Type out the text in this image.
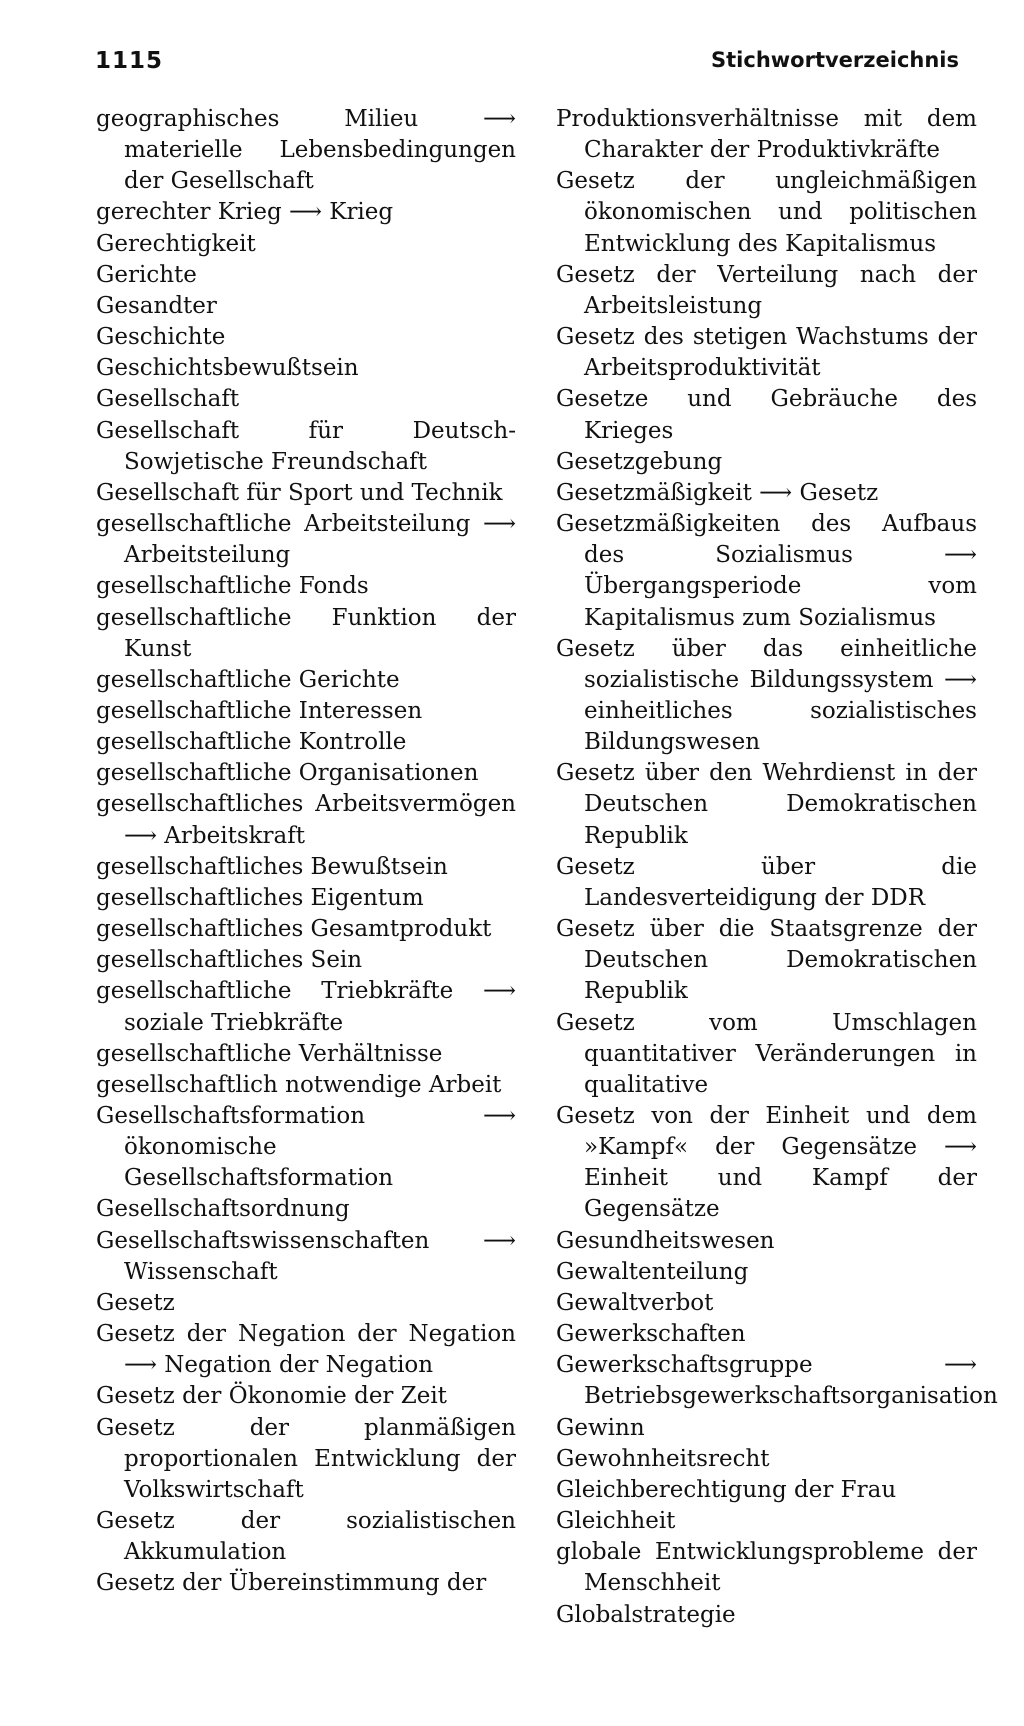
1115	Stichwortverzeichnis

geographisches Milieu ⟶ materielle Lebensbedingungen der Gesellschaft

gerechter Krieg ⟶ Krieg

Gerechtigkeit

Gerichte

Gesandter

Geschichte

Geschichtsbewußtsein

Gesellschaft

Gesellschaft für Deutsch-Sowjetische Freundschaft

Gesellschaft für Sport und Technik

gesellschaftliche Arbeitsteilung ⟶ Arbeitsteilung

gesellschaftliche Fonds

gesellschaftliche Funktion der Kunst

gesellschaftliche Gerichte

gesellschaftliche Interessen

gesellschaftliche Kontrolle

gesellschaftliche Organisationen

gesellschaftliches Arbeitsvermögen ⟶ Arbeitskraft

gesellschaftliches Bewußtsein

gesellschaftliches Eigentum

gesellschaftliches Gesamtprodukt

gesellschaftliches Sein

gesellschaftliche Triebkräfte ⟶ soziale Triebkräfte

gesellschaftliche Verhältnisse

gesellschaftlich notwendige Arbeit

Gesellschaftsformation ⟶ ökonomische Gesellschaftsformation

Gesellschaftsordnung

Gesellschaftswissenschaften ⟶ Wissenschaft

Gesetz

Gesetz der Negation der Negation ⟶ Negation der Negation

Gesetz der Ökonomie der Zeit

Gesetz der planmäßigen proportionalen Entwicklung der Volkswirtschaft

Gesetz der sozialistischen Akkumulation

Gesetz der Übereinstimmung der

Produktionsverhältnisse mit dem Charakter der Produktivkräfte

Gesetz der ungleichmäßigen ökonomischen und politischen Entwicklung des Kapitalismus

Gesetz der Verteilung nach der Arbeitsleistung

Gesetz des stetigen Wachstums der Arbeitsproduktivität

Gesetze und Gebräuche des Krieges

Gesetzgebung

Gesetzmäßigkeit ⟶ Gesetz

Gesetzmäßigkeiten des Aufbaus des Sozialismus ⟶ Übergangsperiode vom Kapitalismus zum Sozialismus

Gesetz über das einheitliche sozialistische Bildungssystem ⟶ einheitliches sozialistisches Bildungswesen

Gesetz über den Wehrdienst in der Deutschen Demokratischen Republik

Gesetz über die Landesverteidigung der DDR

Gesetz über die Staatsgrenze der Deutschen Demokratischen Republik

Gesetz vom Umschlagen quantitativer Veränderungen in qualitative

Gesetz von der Einheit und dem »Kampf« der Gegensätze ⟶ Einheit und Kampf der Gegensätze

Gesundheitswesen

Gewaltenteilung

Gewaltverbot

Gewerkschaften

Gewerkschaftsgruppe ⟶ Betriebsgewerkschaftsorganisation

Gewinn

Gewohnheitsrecht

Gleichberechtigung der Frau

Gleichheit

globale Entwicklungsprobleme der Menschheit

Globalstrategie
